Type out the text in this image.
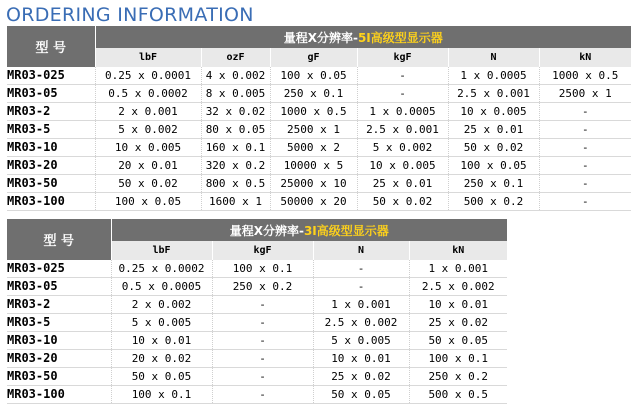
ORDERING INFORMATION
型 号	量程X分辨率-5I高级型显示器					
	lbF	ozF	gF	kgF	N	kN
MR03-025	0.25 x 0.0001	4 x 0.002	100 x 0.05	-	1 x 0.0005	1000 x 0.5
MR03-05	0.5 x 0.0002	8 x 0.005	250 x 0.1	-	2.5 x 0.001	2500 x 1
MR03-2	2 x 0.001	32 x 0.02	1000 x 0.5	1 x 0.0005	10 x 0.005	-
MR03-5	5 x 0.002	80 x 0.05	2500 x 1	2.5 x 0.001	25 x 0.01	-
MR03-10	10 x 0.005	160 x 0.1	5000 x 2	5 x 0.002	50 x 0.02	-
MR03-20	20 x 0.01	320 x 0.2	10000 x 5	10 x 0.005	100 x 0.05	-
MR03-50	50 x 0.02	800 x 0.5	25000 x 10	25 x 0.01	250 x 0.1	-
MR03-100	100 x 0.05	1600 x 1	50000 x 20	50 x 0.02	500 x 0.2	-
型 号	量程X分辨率-3I高级型显示器			
	lbF	kgF	N	kN
MR03-025	0.25 x 0.0002	100 x 0.1	-	1 x 0.001
MR03-05	0.5 x 0.0005	250 x 0.2	-	2.5 x 0.002
MR03-2	2 x 0.002	-	1 x 0.001	10 x 0.01
MR03-5	5 x 0.005	-	2.5 x 0.002	25 x 0.02
MR03-10	10 x 0.01	-	5 x 0.005	50 x 0.05
MR03-20	20 x 0.02	-	10 x 0.01	100 x 0.1
MR03-50	50 x 0.05	-	25 x 0.02	250 x 0.2
MR03-100	100 x 0.1	-	50 x 0.05	500 x 0.5
